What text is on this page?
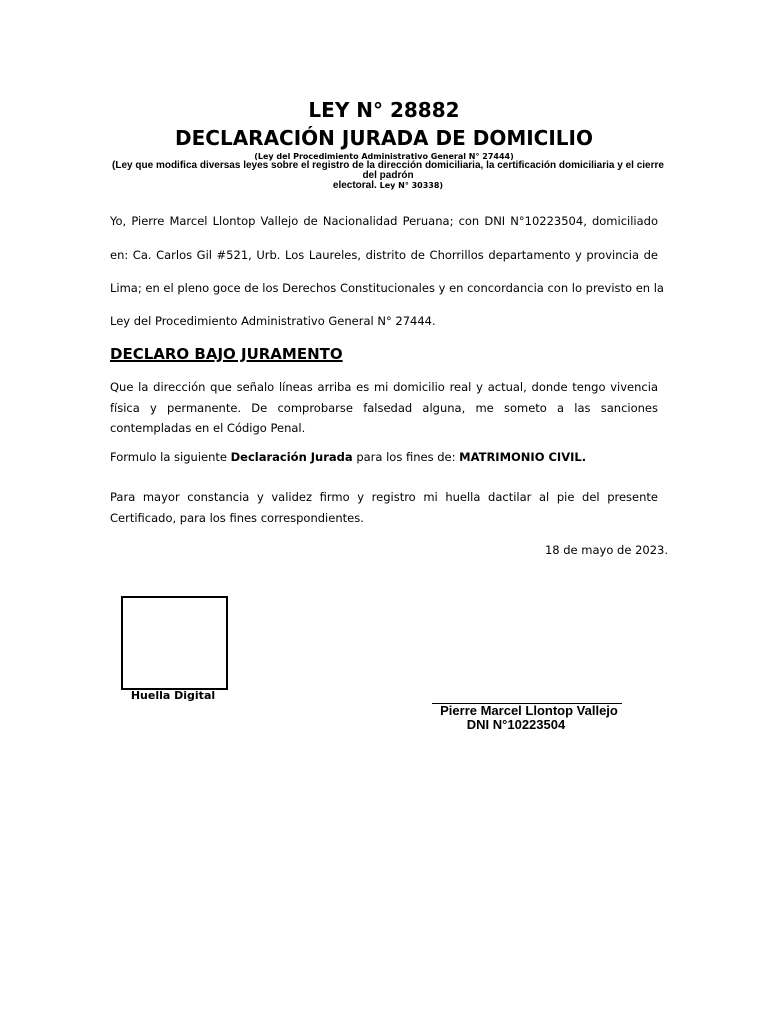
LEY N° 28882
DECLARACIÓN JURADA DE DOMICILIO
(Ley del Procedimiento Administrativo General N° 27444)
(Ley que modifica diversas leyes sobre el registro de la dirección domiciliaria, la certificación domiciliaria y el cierre del padrón
electoral. Ley N° 30338)
Yo, Pierre Marcel Llontop Vallejo de Nacionalidad Peruana; con DNI N°10223504, domiciliado
en: Ca. Carlos Gil #521, Urb. Los Laureles, distrito de Chorrillos departamento y provincia de
Lima; en el pleno goce de los Derechos Constitucionales y en concordancia con lo previsto en la
Ley del Procedimiento Administrativo General N° 27444.
DECLARO BAJO JURAMENTO
Que la dirección que señalo líneas arriba es mi domicilio real y actual, donde tengo vivencia física y permanente. De comprobarse falsedad alguna, me someto a las sanciones contempladas en el Código Penal.
Formulo la siguiente Declaración Jurada para los fines de: MATRIMONIO CIVIL.
Para mayor constancia y validez firmo y registro mi huella dactilar al pie del presente Certificado, para los fines correspondientes.
18 de mayo de 2023.
Huella Digital
Pierre Marcel Llontop Vallejo
DNI N°10223504
